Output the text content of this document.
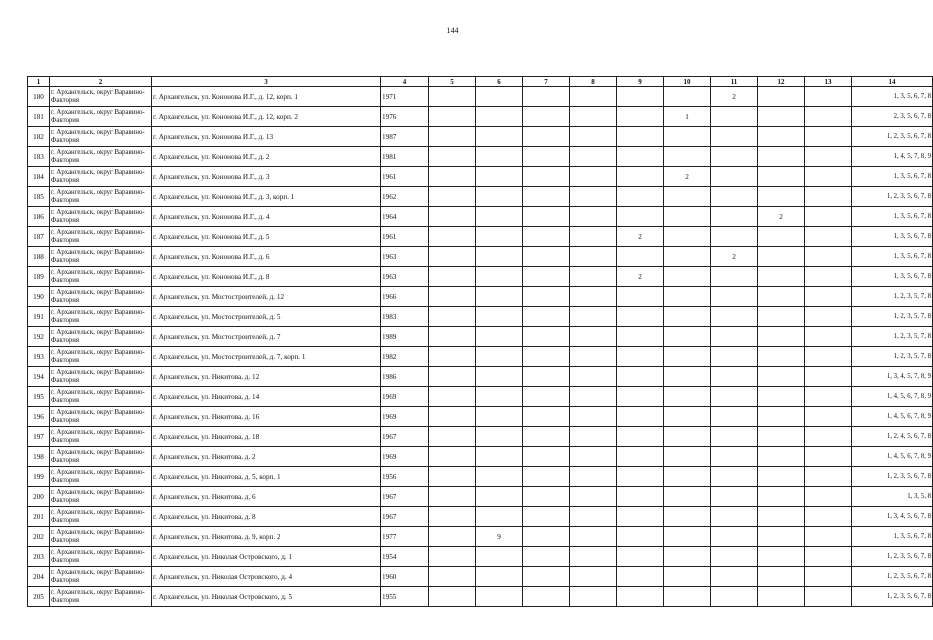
144
1	2	3	4	5	6	7	8	9	10	11	12	13	14
180	г. Архангельск, округ Варавино-Фактория	г. Архангельск, ул. Кононова И.Г., д. 12, корп. 1	1971							2			1, 3, 5, 6, 7, 8
181	г. Архангельск, округ Варавино-Фактория	г. Архангельск, ул. Кононова И.Г., д. 12, корп. 2	1976						1				2, 3, 5, 6, 7, 8
182	г. Архангельск, округ Варавино-Фактория	г. Архангельск, ул. Кононова И.Г., д. 13	1987										1, 2, 3, 5, 6, 7, 8
183	г. Архангельск, округ Варавино-Фактория	г. Архангельск, ул. Кононова И.Г., д. 2	1981										1, 4, 5, 7, 8, 9
184	г. Архангельск, округ Варавино-Фактория	г. Архангельск, ул. Кононова И.Г., д. 3	1961						2				1, 3, 5, 6, 7, 8
185	г. Архангельск, округ Варавино-Фактория	г. Архангельск, ул. Кононова И.Г., д. 3, корп. 1	1962										1, 2, 3, 5, 6, 7, 8
186	г. Архангельск, округ Варавино-Фактория	г. Архангельск, ул. Кононова И.Г., д. 4	1964								2		1, 3, 5, 6, 7, 8
187	г. Архангельск, округ Варавино-Фактория	г. Архангельск, ул. Кононова И.Г., д. 5	1961					2					1, 3, 5, 6, 7, 8
188	г. Архангельск, округ Варавино-Фактория	г. Архангельск, ул. Кононова И.Г., д. 6	1963							2			1, 3, 5, 6, 7, 8
189	г. Архангельск, округ Варавино-Фактория	г. Архангельск, ул. Кононова И.Г., д. 8	1963					2					1, 3, 5, 6, 7, 8
190	г. Архангельск, округ Варавино-Фактория	г. Архангельск, ул. Мостостроителей, д. 12	1966										1, 2, 3, 5, 7, 8
191	г. Архангельск, округ Варавино-Фактория	г. Архангельск, ул. Мостостроителей, д. 5	1983										1, 2, 3, 5, 7, 8
192	г. Архангельск, округ Варавино-Фактория	г. Архангельск, ул. Мостостроителей, д. 7	1989										1, 2, 3, 5, 7, 8
193	г. Архангельск, округ Варавино-Фактория	г. Архангельск, ул. Мостостроителей, д. 7, корп. 1	1982										1, 2, 3, 5, 7, 8
194	г. Архангельск, округ Варавино-Фактория	г. Архангельск, ул. Никитова, д. 12	1986										1, 3, 4, 5, 7, 8, 9
195	г. Архангельск, округ Варавино-Фактория	г. Архангельск, ул. Никитова, д. 14	1969										1, 4, 5, 6, 7, 8, 9
196	г. Архангельск, округ Варавино-Фактория	г. Архангельск, ул. Никитова, д. 16	1969										1, 4, 5, 6, 7, 8, 9
197	г. Архангельск, округ Варавино-Фактория	г. Архангельск, ул. Никитова, д. 18	1967										1, 2, 4, 5, 6, 7, 8
198	г. Архангельск, округ Варавино-Фактория	г. Архангельск, ул. Никитова, д. 2	1969										1, 4, 5, 6, 7, 8, 9
199	г. Архангельск, округ Варавино-Фактория	г. Архангельск, ул. Никитова, д. 5, корп. 1	1956										1, 2, 3, 5, 6, 7, 8
200	г. Архангельск, округ Варавино-Фактория	г. Архангельск, ул. Никитова, д. 6	1967										1, 3, 5, 8
201	г. Архангельск, округ Варавино-Фактория	г. Архангельск, ул. Никитова, д. 8	1967										1, 3, 4, 5, 6, 7, 8
202	г. Архангельск, округ Варавино-Фактория	г. Архангельск, ул. Никитова, д. 9, корп. 2	1977		9								1, 3, 5, 6, 7, 8
203	г. Архангельск, округ Варавино-Фактория	г. Архангельск, ул. Николая Островского, д. 1	1954										1, 2, 3, 5, 6, 7, 8
204	г. Архангельск, округ Варавино-Фактория	г. Архангельск, ул. Николая Островского, д. 4	1960										1, 2, 3, 5, 6, 7, 8
205	г. Архангельск, округ Варавино-Фактория	г. Архангельск, ул. Николая Островского, д. 5	1955										1, 2, 3, 5, 6, 7, 8
